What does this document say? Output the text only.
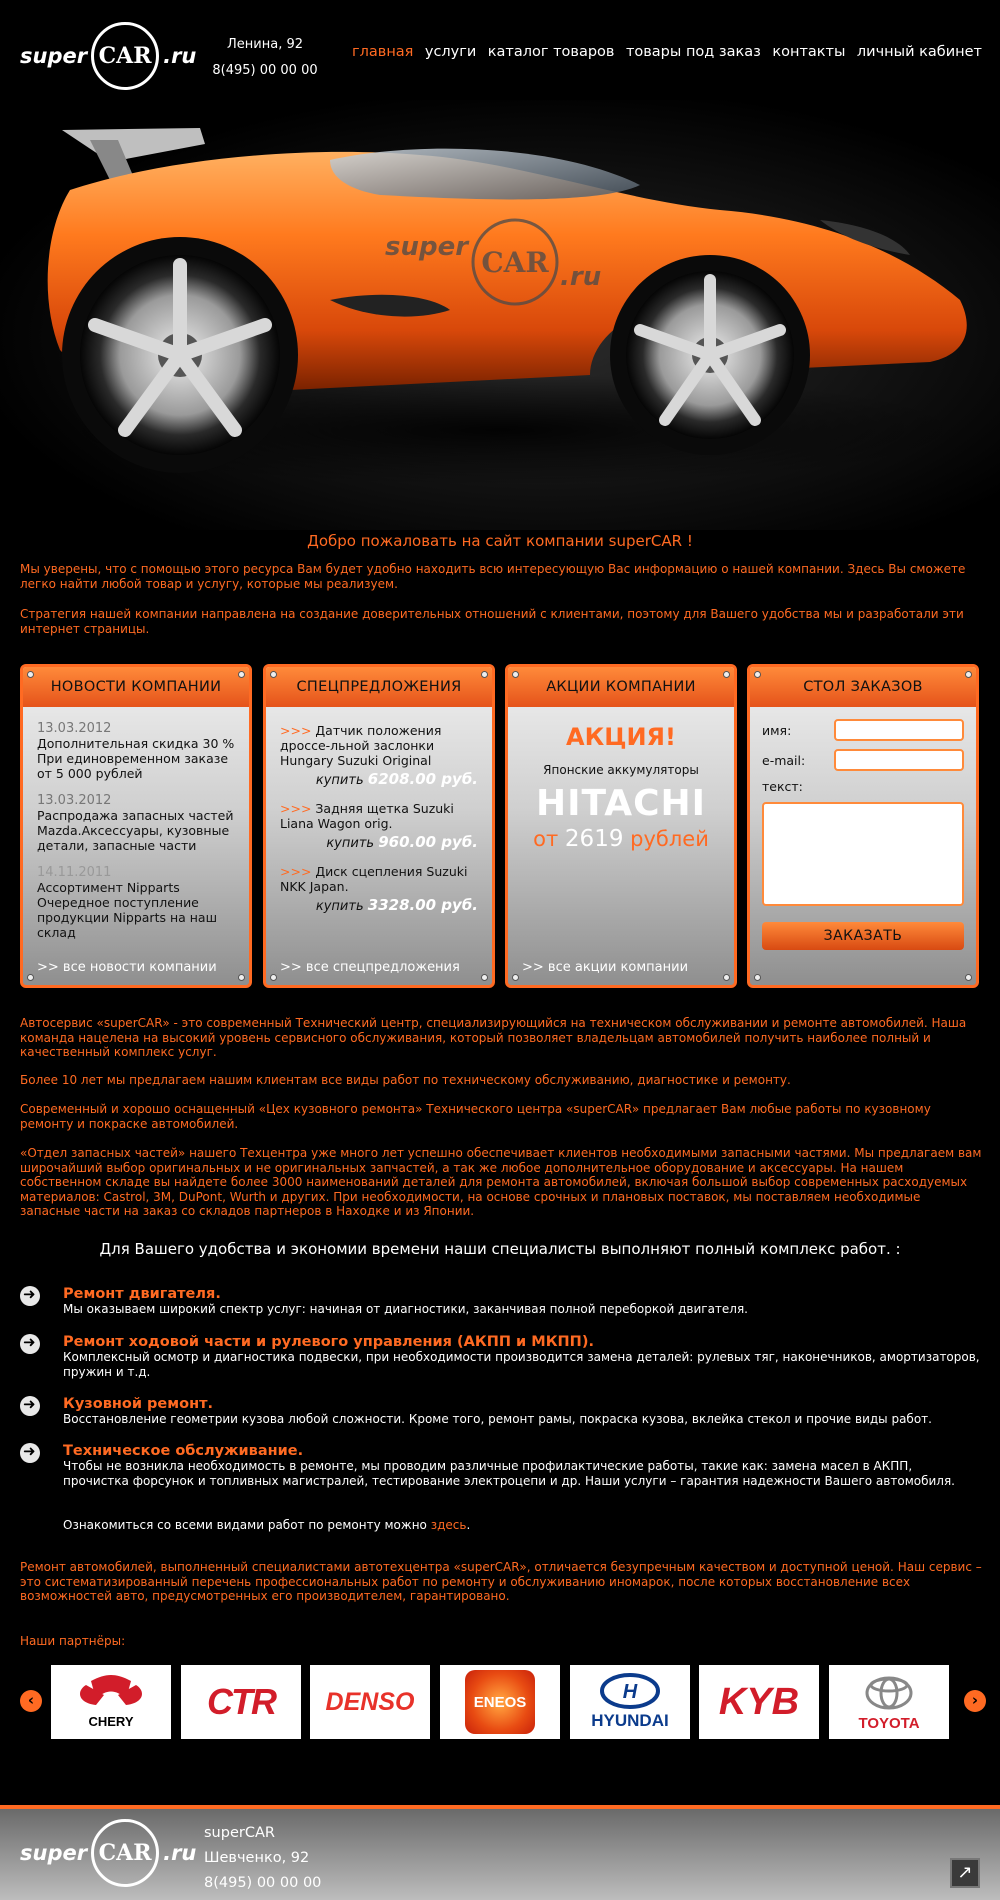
super CAR .ru	Ленина, 92
8(495) 00 00 00
главная услуги каталог товаров товары под заказ контакты личный кабинет
super CAR .ru
Добро пожаловать на сайт компании superCAR !

Мы уверены, что с помощью этого ресурса Вам будет удобно находить всю интересующую Вас информацию о нашей компании. Здесь Вы сможете легко найти любой товар и услугу, которые мы реализуем.

Стратегия нашей компании направлена на создание доверительных отношений с клиентами, поэтому для Вашего удобства мы и разработали эти интернет страницы.

НОВОСТИ КОМПАНИИ
13.03.2012
Дополнительная скидка 30 % При единовременном заказе от 5 000 рублей
13.03.2012
Распродажа запасных частей Mazda.Аксессуары, кузовные детали, запасные части
14.11.2011
Ассортимент Nipparts Очередное поступление продукции Nipparts на наш склад
>> все новости компании
СПЕЦПРЕДЛОЖЕНИЯ
>>> Датчик положения дроссе-льной заслонки Hungary Suzuki Original
купить 6208.00 руб.
>>> Задняя щетка Suzuki Liana Wagon orig.
купить 960.00 руб.
>>> Диск сцепления Suzuki NKK Japan.
купить 3328.00 руб.
>> все спецпредложения
АКЦИИ КОМПАНИИ
АКЦИЯ!
Японские аккумуляторы
HITACHI
от 2619 рублей
>> все акции компании
СТОЛ ЗАКАЗОВ
имя:
e-mail:
текст:
ЗАКАЗАТЬ

Автосервис «superCAR» - это современный Технический центр, специализирующийся на техническом обслуживании и ремонте автомобилей. Наша команда нацелена на высокий уровень сервисного обслуживания, который позволяет владельцам автомобилей получить наиболее полный и качественный комплекс услуг.

Более 10 лет мы предлагаем нашим клиентам все виды работ по техническому обслуживанию, диагностике и ремонту.

Современный и хорошо оснащенный «Цех кузовного ремонта» Технического центра «superCAR» предлагает Вам любые работы по кузовному ремонту и покраске автомобилей.

«Отдел запасных частей» нашего Техцентра уже много лет успешно обеспечивает клиентов необходимыми запасными частями. Мы предлагаем вам широчайший выбор оригинальных и не оригинальных запчастей, а так же любое дополнительное оборудование и аксессуары. На нашем собственном складе вы найдете более 3000 наименований деталей для ремонта автомобилей, включая большой выбор современных расходуемых материалов: Castrol, 3M, DuPont, Wurth и других. При необходимости, на основе срочных и плановых поставок, мы поставляем необходимые запасные части на заказ со складов партнеров в Находке и из Японии.

Для Вашего удобства и экономии времени наши специалисты выполняют полный комплекс работ. :
➜
Ремонт двигателя.
Мы оказываем широкий спектр услуг: начиная от диагностики, заканчивая полной переборкой двигателя.
➜
Ремонт ходовой части и рулевого управления (АКПП и МКПП).
Комплексный осмотр и диагностика подвески, при необходимости производится замена деталей: рулевых тяг, наконечников, амортизаторов, пружин и т.д.
➜
Кузовной ремонт.
Восстановление геометрии кузова любой сложности. Кроме того, ремонт рамы, покраска кузова, вклейка стекол и прочие виды работ.
➜
Техническое обслуживание.
Чтобы не возникла необходимость в ремонте, мы проводим различные профилактические работы, такие как: замена масел в АКПП, прочистка форсунок и топливных магистралей, тестирование электроцепи и др. Наши услуги – гарантия надежности Вашего автомобиля.
Ознакомиться со всеми видами работ по ремонту можно здесь.

Ремонт автомобилей, выполненный специалистами автотехцентра «superCAR», отличается безупречным качеством и доступной ценой. Наш сервис – это систематизированный перечень профессиональных работ по ремонту и обслуживанию иномарок, после которых восстановление всех возможностей авто, предусмотренных его производителем, гарантировано.

Наши партнёры:
‹
CHERY CTR DENSO	ENEOS	H
HYUNDAI KYB
TOYOTA
›
super CAR .ru
superCAR
Шевченко, 92
8(495) 00 00 00	↗
